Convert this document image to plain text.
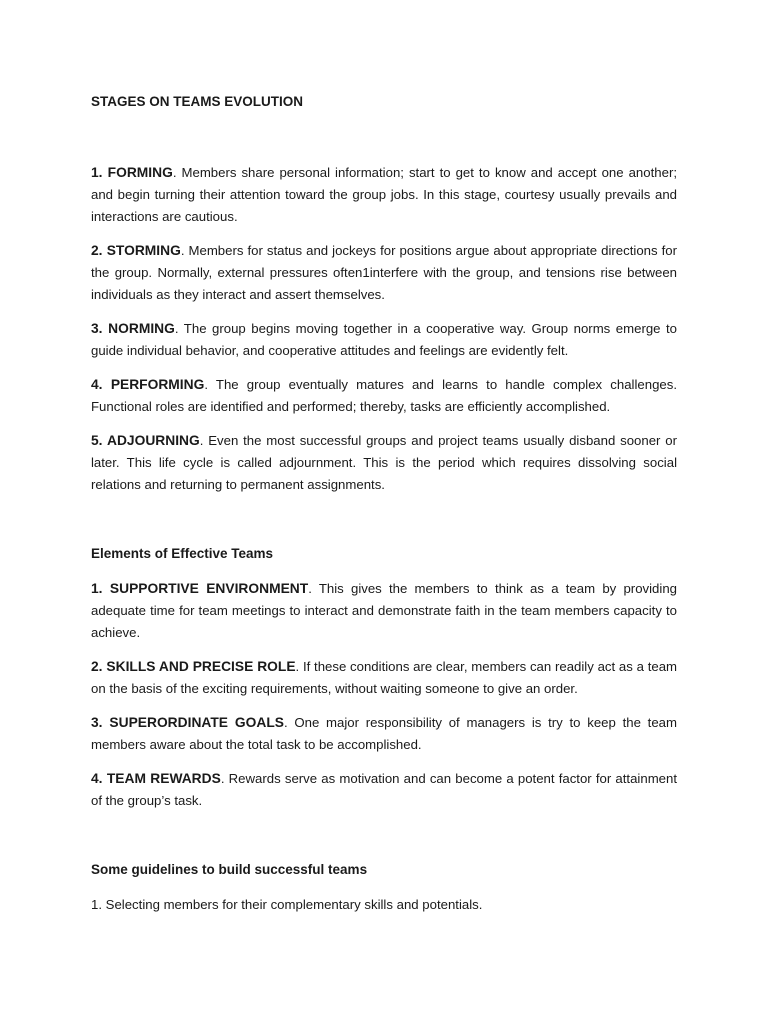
STAGES ON TEAMS EVOLUTION

1. FORMING. Members share personal information; start to get to know and accept one another; and begin turning their attention toward the group jobs. In this stage, courtesy usually prevails and interactions are cautious.

2. STORMING. Members for status and jockeys for positions argue about appropriate directions for the group. Normally, external pressures often1interfere with the group, and tensions rise between individuals as they interact and assert themselves.

3. NORMING. The group begins moving together in a cooperative way. Group norms emerge to guide individual behavior, and cooperative attitudes and feelings are evidently felt.

4. PERFORMING. The group eventually matures and learns to handle complex challenges. Functional roles are identified and performed; thereby, tasks are efficiently accomplished.

5. ADJOURNING. Even the most successful groups and project teams usually disband sooner or later. This life cycle is called adjournment. This is the period which requires dissolving social relations and returning to permanent assignments.

Elements of Effective Teams

1. SUPPORTIVE ENVIRONMENT. This gives the members to think as a team by providing adequate time for team meetings to interact and demonstrate faith in the team members capacity to achieve.

2. SKILLS AND PRECISE ROLE. If these conditions are clear, members can readily act as a team on the basis of the exciting requirements, without waiting someone to give an order.

3. SUPERORDINATE GOALS. One major responsibility of managers is try to keep the team members aware about the total task to be accomplished.

4. TEAM REWARDS. Rewards serve as motivation and can become a potent factor for attainment of the group’s task.

Some guidelines to build successful teams

1. Selecting members for their complementary skills and potentials.
